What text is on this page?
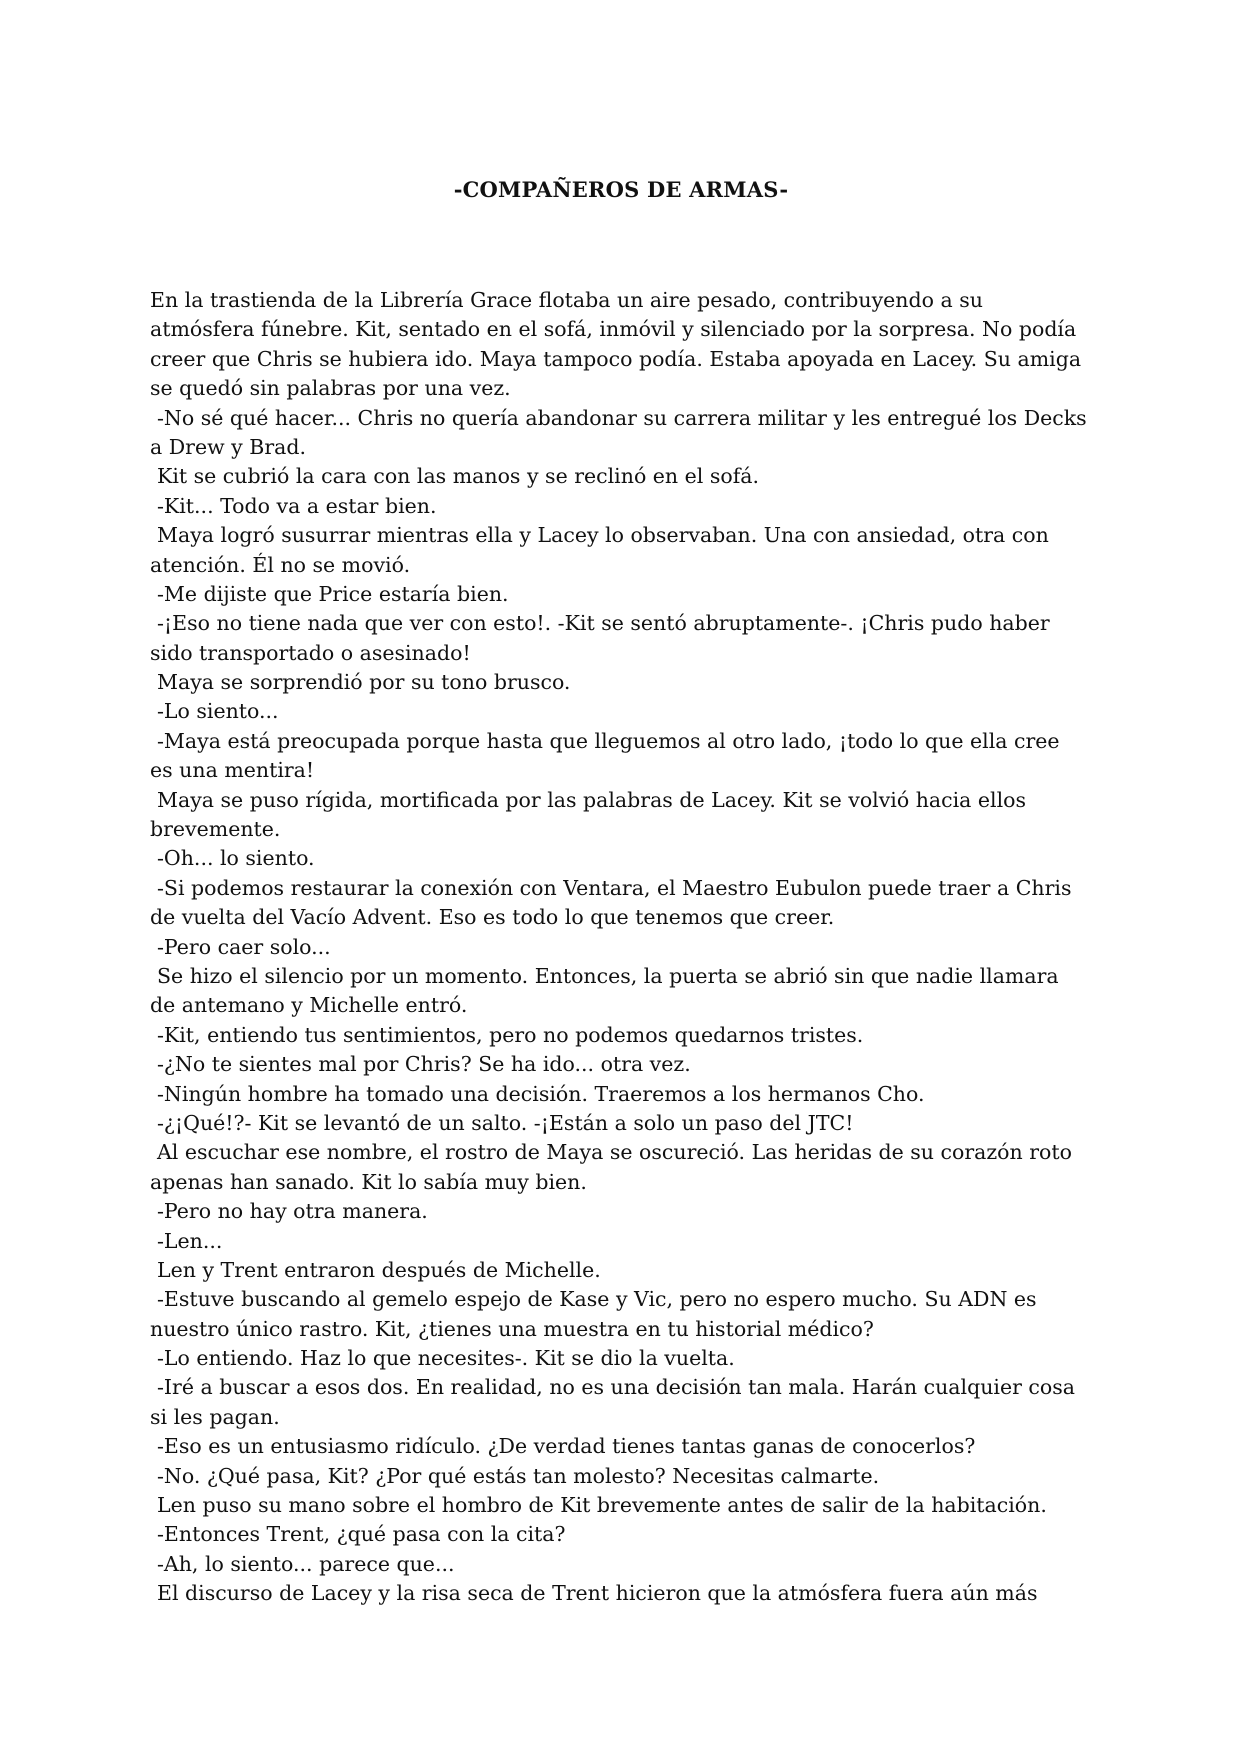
-COMPAÑEROS DE ARMAS-
En la trastienda de la Librería Grace flotaba un aire pesado, contribuyendo a su
atmósfera fúnebre. Kit, sentado en el sofá, inmóvil y silenciado por la sorpresa. No podía
creer que Chris se hubiera ido. Maya tampoco podía. Estaba apoyada en Lacey. Su amiga
se quedó sin palabras por una vez.
-No sé qué hacer... Chris no quería abandonar su carrera militar y les entregué los Decks
a Drew y Brad.
Kit se cubrió la cara con las manos y se reclinó en el sofá.
-Kit... Todo va a estar bien.
Maya logró susurrar mientras ella y Lacey lo observaban. Una con ansiedad, otra con
atención. Él no se movió.
-Me dijiste que Price estaría bien.
-¡Eso no tiene nada que ver con esto!. -Kit se sentó abruptamente-. ¡Chris pudo haber
sido transportado o asesinado!
Maya se sorprendió por su tono brusco.
-Lo siento...
-Maya está preocupada porque hasta que lleguemos al otro lado, ¡todo lo que ella cree
es una mentira!
Maya se puso rígida, mortificada por las palabras de Lacey. Kit se volvió hacia ellos
brevemente.
-Oh... lo siento.
-Si podemos restaurar la conexión con Ventara, el Maestro Eubulon puede traer a Chris
de vuelta del Vacío Advent. Eso es todo lo que tenemos que creer.
-Pero caer solo...
Se hizo el silencio por un momento. Entonces, la puerta se abrió sin que nadie llamara
de antemano y Michelle entró.
-Kit, entiendo tus sentimientos, pero no podemos quedarnos tristes.
-¿No te sientes mal por Chris? Se ha ido... otra vez.
-Ningún hombre ha tomado una decisión. Traeremos a los hermanos Cho.
-¿¡Qué!?- Kit se levantó de un salto. -¡Están a solo un paso del JTC!
Al escuchar ese nombre, el rostro de Maya se oscureció. Las heridas de su corazón roto
apenas han sanado. Kit lo sabía muy bien.
-Pero no hay otra manera.
-Len...
Len y Trent entraron después de Michelle.
-Estuve buscando al gemelo espejo de Kase y Vic, pero no espero mucho. Su ADN es
nuestro único rastro. Kit, ¿tienes una muestra en tu historial médico?
-Lo entiendo. Haz lo que necesites-. Kit se dio la vuelta.
-Iré a buscar a esos dos. En realidad, no es una decisión tan mala. Harán cualquier cosa
si les pagan.
-Eso es un entusiasmo ridículo. ¿De verdad tienes tantas ganas de conocerlos?
-No. ¿Qué pasa, Kit? ¿Por qué estás tan molesto? Necesitas calmarte.
Len puso su mano sobre el hombro de Kit brevemente antes de salir de la habitación.
-Entonces Trent, ¿qué pasa con la cita?
-Ah, lo siento... parece que...
El discurso de Lacey y la risa seca de Trent hicieron que la atmósfera fuera aún más
